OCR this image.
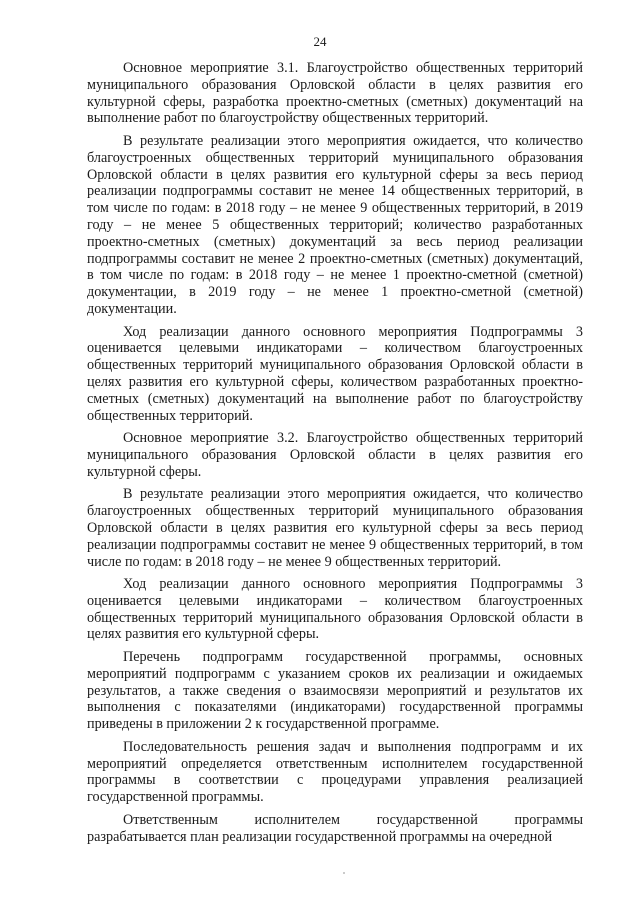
24

Основное мероприятие 3.1. Благоустройство общественных территорий муниципального образования Орловской области в целях развития его культурной сферы, разработка проектно-сметных (сметных) документаций на выполнение работ по благоустройству общественных территорий.

В результате реализации этого мероприятия ожидается, что количество благоустроенных общественных территорий муниципального образования Орловской области в целях развития его культурной сферы за весь период реализации подпрограммы составит не менее 14 общественных территорий, в том числе по годам: в 2018 году – не менее 9 общественных территорий, в 2019 году – не менее 5 общественных территорий; количество разработанных проектно-сметных (сметных) документаций за весь период реализации подпрограммы составит не менее 2 проектно-сметных (сметных) документаций, в том числе по годам: в 2018 году – не менее 1 проектно-сметной (сметной) документации, в 2019 году – не менее 1 проектно-сметной (сметной) документации.

Ход реализации данного основного мероприятия Подпрограммы 3 оценивается целевыми индикаторами – количеством благоустроенных общественных территорий муниципального образования Орловской области в целях развития его культурной сферы, количеством разработанных проектно-сметных (сметных) документаций на выполнение работ по благоустройству общественных территорий.

Основное мероприятие 3.2. Благоустройство общественных территорий муниципального образования Орловской области в целях развития его культурной сферы.

В результате реализации этого мероприятия ожидается, что количество благоустроенных общественных территорий муниципального образования Орловской области в целях развития его культурной сферы за весь период реализации подпрограммы составит не менее 9 общественных территорий, в том числе по годам: в 2018 году – не менее 9 общественных территорий.

Ход реализации данного основного мероприятия Подпрограммы 3 оценивается целевыми индикаторами – количеством благоустроенных общественных территорий муниципального образования Орловской области в целях развития его культурной сферы.

Перечень подпрограмм государственной программы, основных мероприятий подпрограмм с указанием сроков их реализации и ожидаемых результатов, а также сведения о взаимосвязи мероприятий и результатов их выполнения с показателями (индикаторами) государственной программы приведены в приложении 2 к государственной программе.

Последовательность решения задач и выполнения подпрограмм и их мероприятий определяется ответственным исполнителем государственной программы в соответствии с процедурами управления реализацией государственной программы.

Ответственным исполнителем государственной программы разрабатывается план реализации государственной программы на очередной
